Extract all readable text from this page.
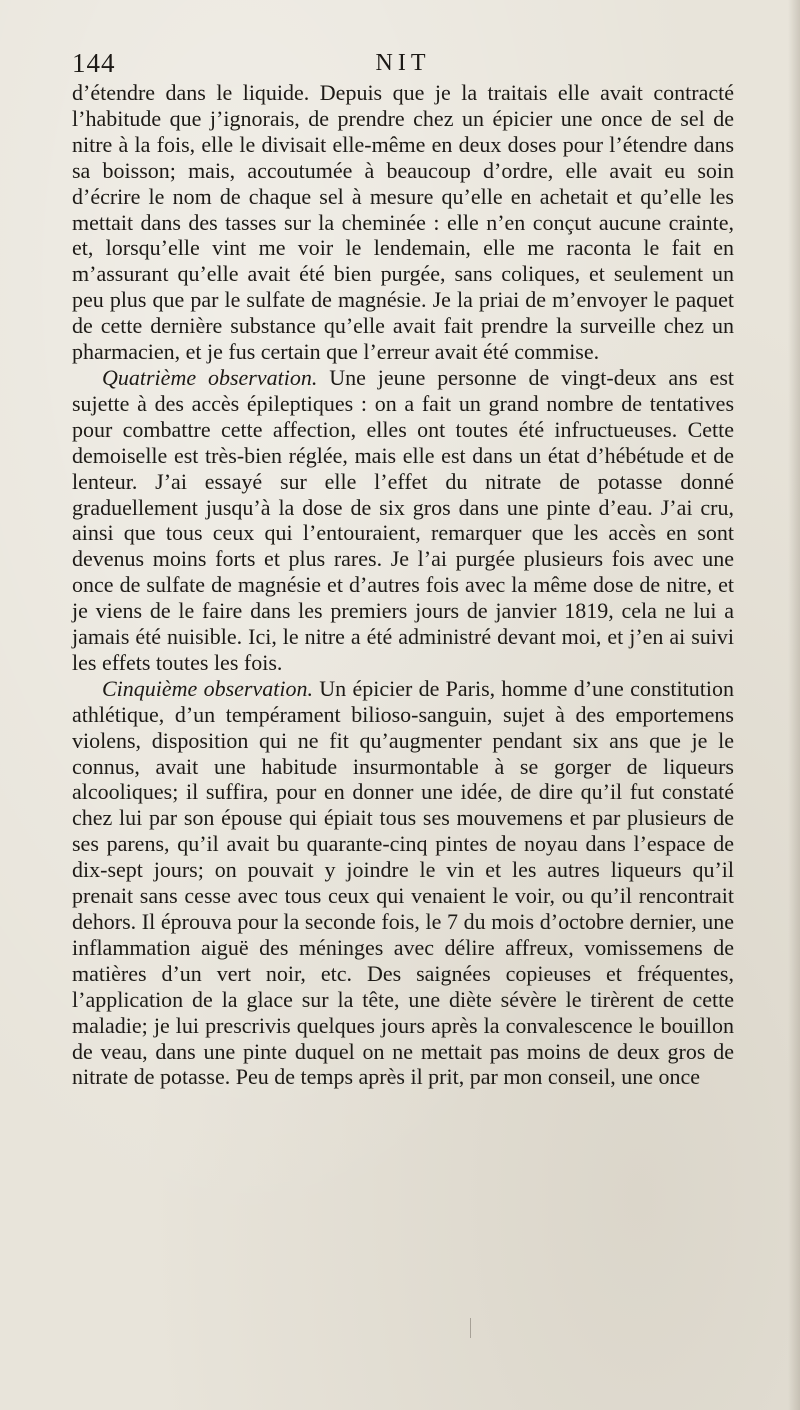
144	NIT

d’étendre dans le liquide. Depuis que je la traitais elle avait contracté l’habitude que j’ignorais, de prendre chez un épicier une once de sel de nitre à la fois, elle le divisait elle-même en deux doses pour l’étendre dans sa boisson; mais, accoutumée à beaucoup d’ordre, elle avait eu soin d’écrire le nom de chaque sel à mesure qu’elle en achetait et qu’elle les mettait dans des tasses sur la cheminée : elle n’en conçut aucune crainte, et, lorsqu’elle vint me voir le lendemain, elle me raconta le fait en m’assurant qu’elle avait été bien purgée, sans coliques, et seulement un peu plus que par le sulfate de magnésie. Je la priai de m’envoyer le paquet de cette dernière substance qu’elle avait fait prendre la surveille chez un pharmacien, et je fus certain que l’erreur avait été commise.

Quatrième observation. Une jeune personne de vingt-deux ans est sujette à des accès épileptiques : on a fait un grand nombre de tentatives pour combattre cette affection, elles ont toutes été infructueuses. Cette demoiselle est très-bien réglée, mais elle est dans un état d’hébétude et de lenteur. J’ai essayé sur elle l’effet du nitrate de potasse donné graduellement jusqu’à la dose de six gros dans une pinte d’eau. J’ai cru, ainsi que tous ceux qui l’entouraient, remarquer que les accès en sont devenus moins forts et plus rares. Je l’ai purgée plusieurs fois avec une once de sulfate de magnésie et d’autres fois avec la même dose de nitre, et je viens de le faire dans les premiers jours de janvier 1819, cela ne lui a jamais été nuisible. Ici, le nitre a été administré devant moi, et j’en ai suivi les effets toutes les fois.

Cinquième observation. Un épicier de Paris, homme d’une constitution athlétique, d’un tempérament bilioso-sanguin, sujet à des emportemens violens, disposition qui ne fit qu’augmenter pendant six ans que je le connus, avait une habitude insurmontable à se gorger de liqueurs alcooliques; il suffira, pour en donner une idée, de dire qu’il fut constaté chez lui par son épouse qui épiait tous ses mouvemens et par plusieurs de ses parens, qu’il avait bu quarante-cinq pintes de noyau dans l’espace de dix-sept jours; on pouvait y joindre le vin et les autres liqueurs qu’il prenait sans cesse avec tous ceux qui venaient le voir, ou qu’il rencontrait dehors. Il éprouva pour la seconde fois, le 7 du mois d’octobre dernier, une inflammation aiguë des méninges avec délire affreux, vomissemens de matières d’un vert noir, etc. Des saignées copieuses et fréquentes, l’application de la glace sur la tête, une diète sévère le tirèrent de cette maladie; je lui prescrivis quelques jours après la convalescence le bouillon de veau, dans une pinte duquel on ne mettait pas moins de deux gros de nitrate de potasse. Peu de temps après il prit, par mon conseil, une once
